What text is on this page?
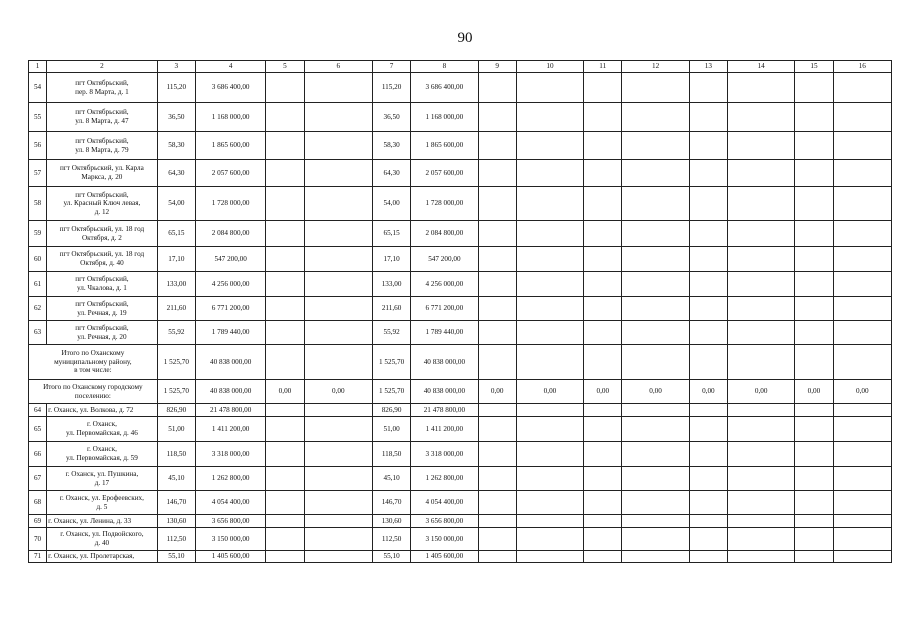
90
1	2	3	4	5	6	7	8	9	10	11	12	13	14	15	16
54	пгт Октябрьский,
пер. 8 Марта, д. 1	115,20	3 686 400,00			115,20	3 686 400,00								
55	пгт Октябрьский,
ул. 8 Марта, д. 47	36,50	1 168 000,00			36,50	1 168 000,00								
56	пгт Октябрьский,
ул. 8 Марта, д. 79	58,30	1 865 600,00			58,30	1 865 600,00								
57	пгт Октябрьский, ул. Карла
Маркса, д. 20	64,30	2 057 600,00			64,30	2 057 600,00								
58	пгт Октябрьский,
ул. Красный Ключ левая,
д. 12	54,00	1 728 000,00			54,00	1 728 000,00								
59	пгт Октябрьский, ул. 18 год
Октября, д. 2	65,15	2 084 800,00			65,15	2 084 800,00								
60	пгт Октябрьский, ул. 18 год
Октября, д. 40	17,10	547 200,00			17,10	547 200,00								
61	пгт Октябрьский,
ул. Чкалова, д. 1	133,00	4 256 000,00			133,00	4 256 000,00								
62	пгт Октябрьский,
ул. Речная, д. 19	211,60	6 771 200,00			211,60	6 771 200,00								
63	пгт Октябрьский,
ул. Речная, д. 20	55,92	1 789 440,00			55,92	1 789 440,00								
Итого по Оханскому
муниципальному району,
в том числе:		1 525,70	40 838 000,00			1 525,70	40 838 000,00								
Итого по Оханскому городскому
поселению:		1 525,70	40 838 000,00	0,00	0,00	1 525,70	40 838 000,00	0,00	0,00	0,00	0,00	0,00	0,00	0,00	0,00
64	г. Оханск, ул. Волкова, д. 72	826,90	21 478 800,00			826,90	21 478 800,00								
65	г. Оханск,
ул. Первомайская, д. 46	51,00	1 411 200,00			51,00	1 411 200,00								
66	г. Оханск,
ул. Первомайская, д. 59	118,50	3 318 000,00			118,50	3 318 000,00								
67	г. Оханск, ул. Пушкина,
д. 17	45,10	1 262 800,00			45,10	1 262 800,00								
68	г. Оханск, ул. Ерофеевских,
д. 5	146,70	4 054 400,00			146,70	4 054 400,00								
69	г. Оханск, ул. Ленина, д. 33	130,60	3 656 800,00			130,60	3 656 800,00								
70	г. Оханск, ул. Подвойского,
д. 40	112,50	3 150 000,00			112,50	3 150 000,00								
71	г. Оханск, ул. Пролетарская,	55,10	1 405 600,00			55,10	1 405 600,00								
